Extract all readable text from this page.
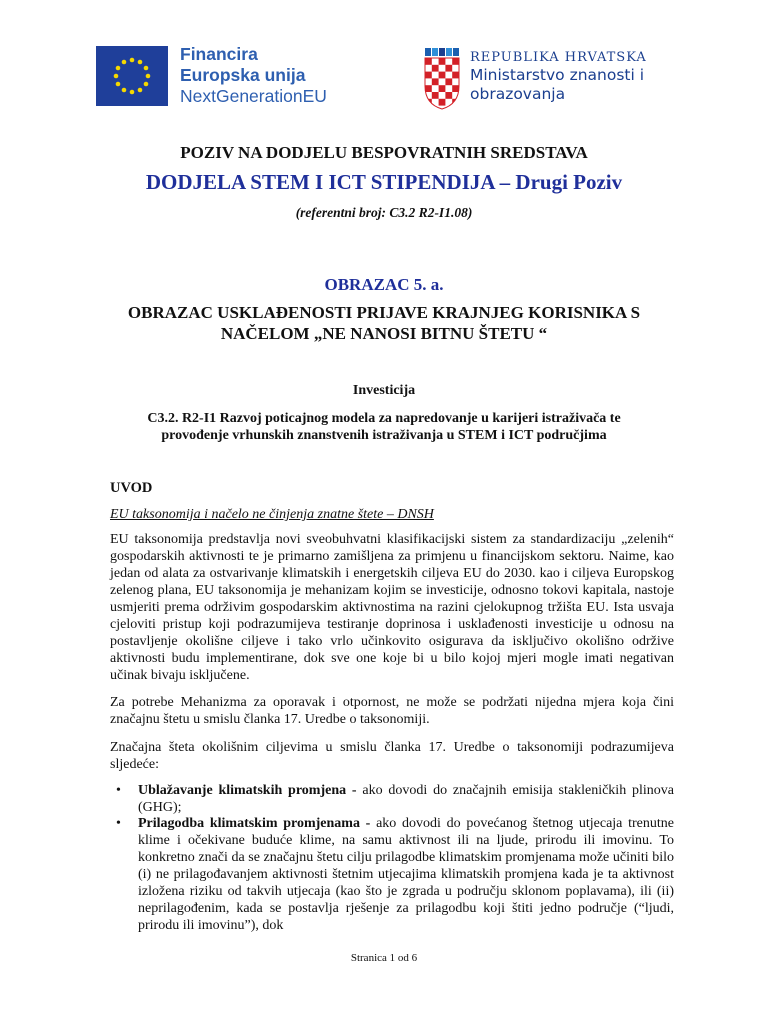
Financira
Europska unija
NextGenerationEU
REPUBLIKA HRVATSKA
Ministarstvo znanosti i
obrazovanja
POZIV NA DODJELU BESPOVRATNIH SREDSTAVA
DODJELA STEM I ICT STIPENDIJA – Drugi Poziv
(referentni broj: C3.2 R2-I1.08)
OBRAZAC 5. a.
OBRAZAC USKLAĐENOSTI PRIJAVE KRAJNJEG KORISNIKA S
NAČELOM „NE NANOSI BITNU ŠTETU “
Investicija
C3.2. R2-I1 Razvoj poticajnog modela za napredovanje u karijeri istraživača te
provođenje vrhunskih znanstvenih istraživanja u STEM i ICT područjima
UVOD
EU taksonomija i načelo ne činjenja znatne štete – DNSH
EU taksonomija predstavlja novi sveobuhvatni klasifikacijski sistem za standardizaciju „zelenih“ gospodarskih aktivnosti te je primarno zamišljena za primjenu u financijskom sektoru. Naime, kao jedan od alata za ostvarivanje klimatskih i energetskih ciljeva EU do 2030. kao i ciljeva Europskog zelenog plana, EU taksonomija je mehanizam kojim se investicije, odnosno tokovi kapitala, nastoje usmjeriti prema održivim gospodarskim aktivnostima na razini cjelokupnog tržišta EU. Ista usvaja cjeloviti pristup koji podrazumijeva testiranje doprinosa i usklađenosti investicije u odnosu na postavljenje okolišne ciljeve i tako vrlo učinkovito osigurava da isključivo okolišno održive aktivnosti budu implementirane, dok sve one koje bi u bilo kojoj mjeri mogle imati negativan učinak bivaju isključene.
Za potrebe Mehanizma za oporavak i otpornost, ne može se podržati nijedna mjera koja čini značajnu štetu u smislu članka 17. Uredbe o taksonomiji.
Značajna šteta okolišnim ciljevima u smislu članka 17. Uredbe o taksonomiji podrazumijeva sljedeće:
• Ublažavanje klimatskih promjena - ako dovodi do značajnih emisija stakleničkih plinova (GHG);
• Prilagodba klimatskim promjenama - ako dovodi do povećanog štetnog utjecaja trenutne klime i očekivane buduće klime, na samu aktivnost ili na ljude, prirodu ili imovinu. To konkretno znači da se značajnu štetu cilju prilagodbe klimatskim promjenama može učiniti bilo (i) ne prilagođavanjem aktivnosti štetnim utjecajima klimatskih promjena kada je ta aktivnost izložena riziku od takvih utjecaja (kao što je zgrada u području sklonom poplavama), ili (ii) neprilagođenim, kada se postavlja rješenje za prilagodbu koji štiti jedno područje (“ljudi, prirodu ili imovinu”), dok
Stranica 1 od 6
